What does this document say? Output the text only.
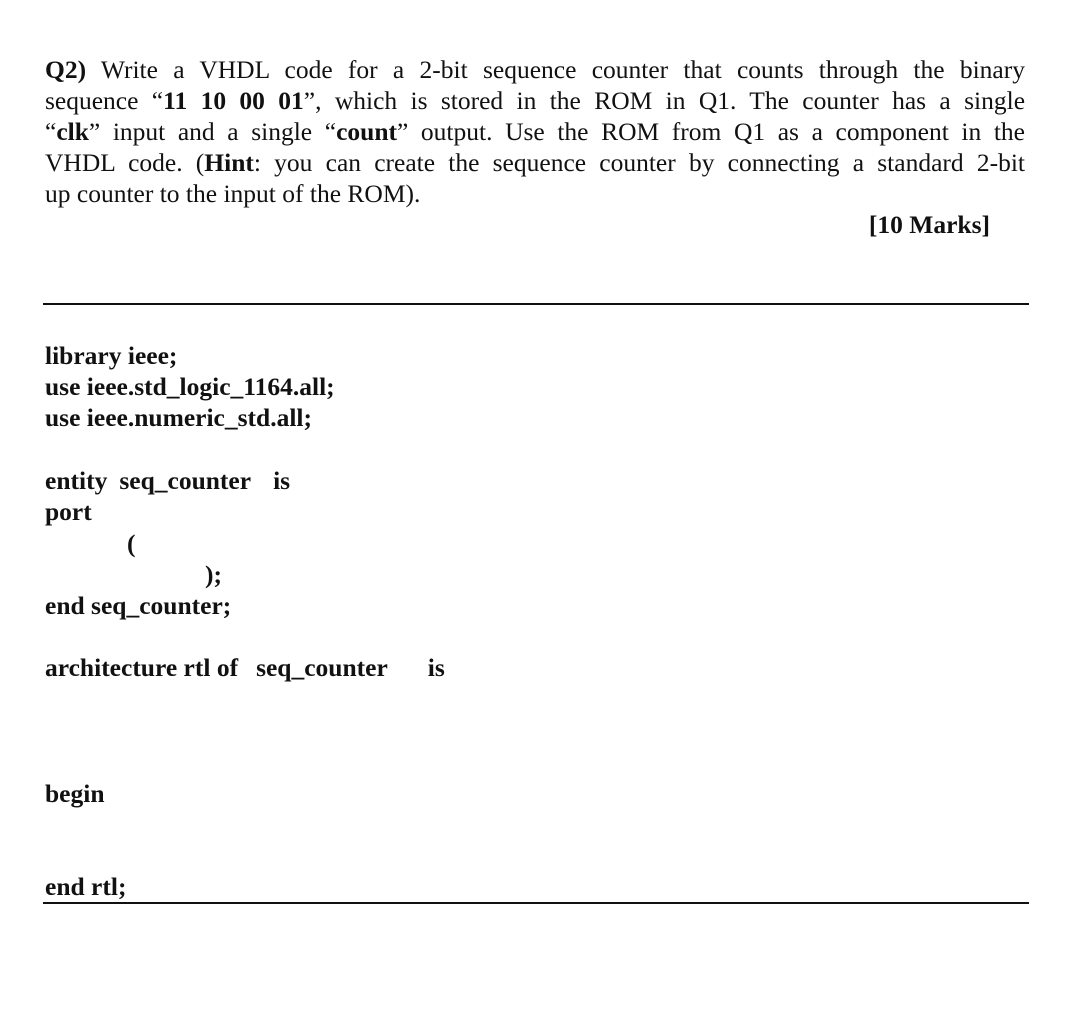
Q2) Write a VHDL code for a 2-bit sequence counter that counts through the binary
sequence “11 10 00 01”, which is stored in the ROM in Q1. The counter has a single
“clk” input and a single “count” output. Use the ROM from Q1 as a component in the
VHDL code. (Hint: you can create the sequence counter by connecting a standard 2-bit
up counter to the input of the ROM).
[10 Marks]
library ieee;
use ieee.std_logic_1164.all;
use ieee.numeric_std.all;
entity seq_counter is
port
(
);
end seq_counter;
architecture rtl of seq_counter is
begin
end rtl;
